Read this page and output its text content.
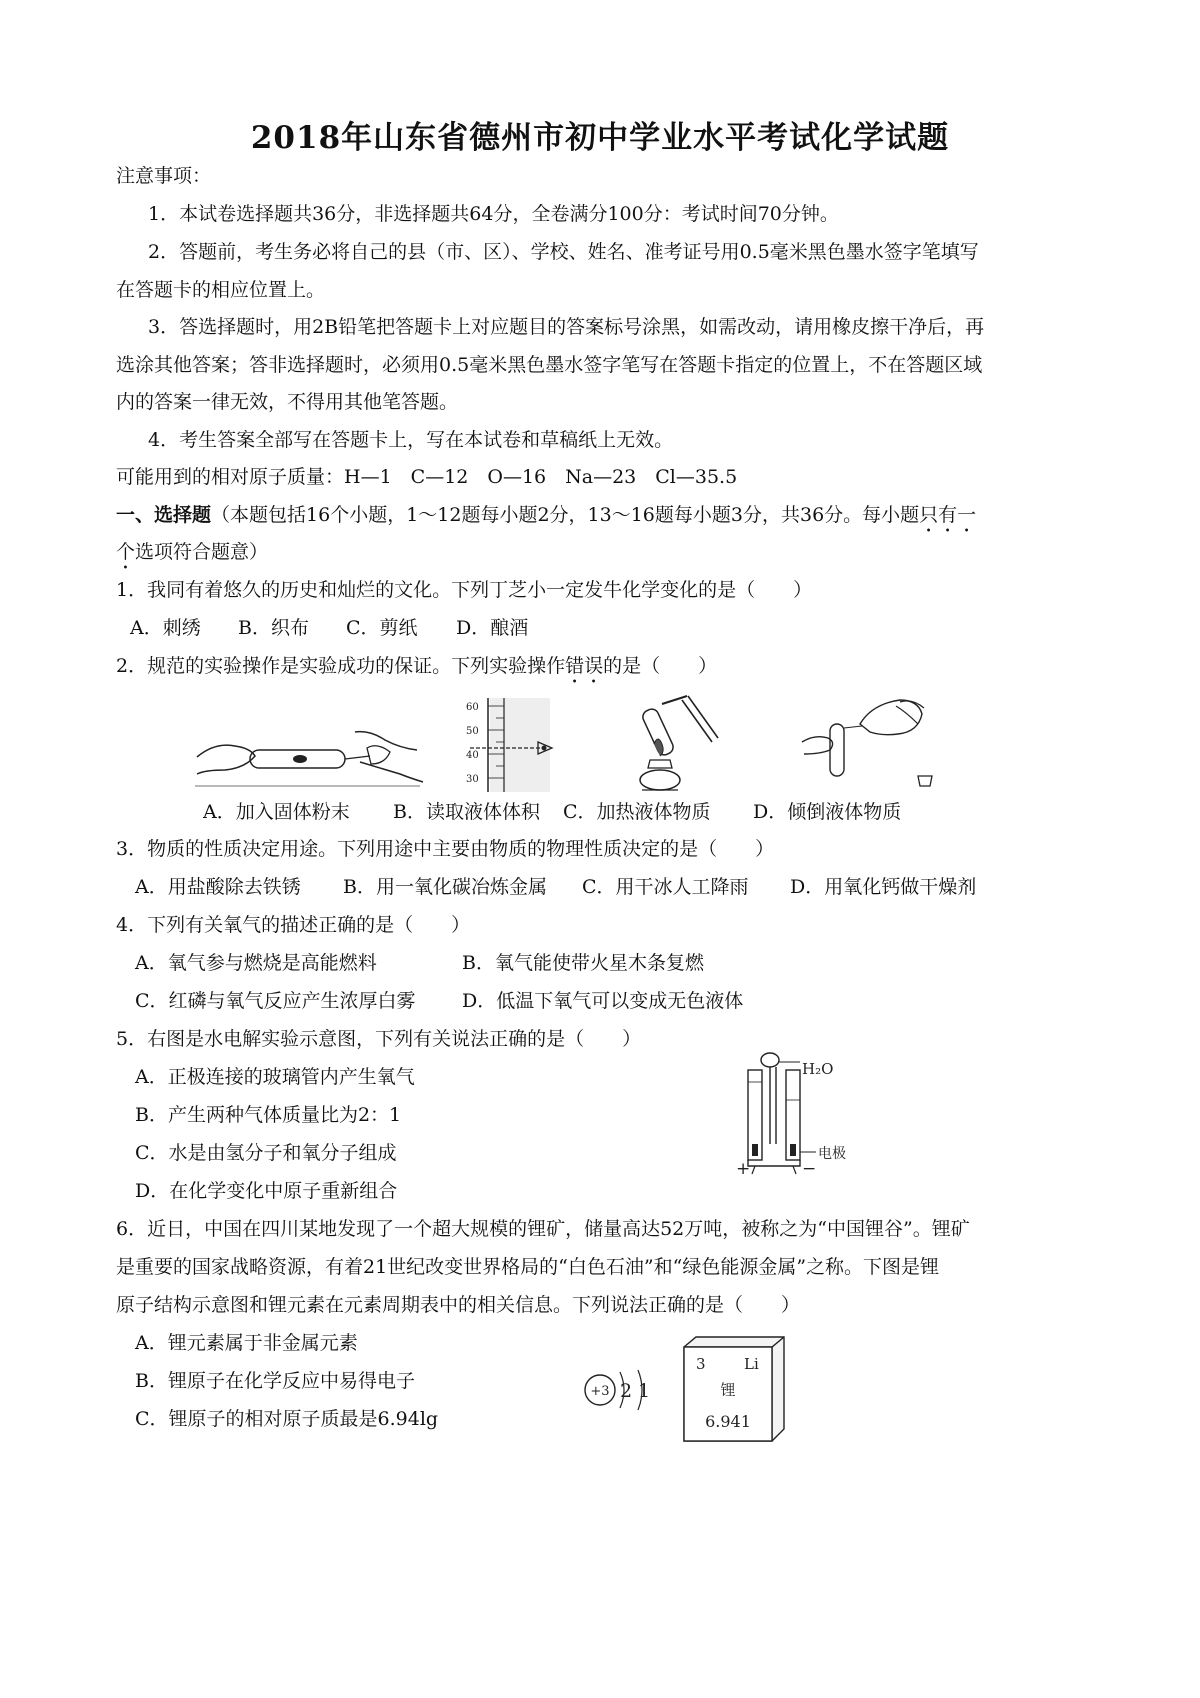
2018年山东省德州市初中学业水平考试化学试题
注意事项：
1．本试卷选择题共36分，非选择题共64分，全卷满分100分：考试时间70分钟。
2．答题前，考生务必将自己的县（市、区）、学校、姓名、准考证号用0.5毫米黑色墨水签字笔填写
在答题卡的相应位置上。
3．答选择题时，用2B铅笔把答题卡上对应题目的答案标号涂黑，如需改动，请用橡皮擦干净后，再
选涂其他答案；答非选择题时，必须用0.5毫米黑色墨水签字笔写在答题卡指定的位置上，不在答题区域
内的答案一律无效，不得用其他笔答题。
4．考生答案全部写在答题卡上，写在本试卷和草稿纸上无效。
可能用到的相对原子质量：H—1　C—12　O—16　Na—23　Cl—35.5
一、选择题（本题包括16个小题，1～12题每小题2分，13～16题每小题3分，共36分。每小题只有一
个选项符合题意）
1．我同有着悠久的历史和灿烂的文化。下列丁芝小一定发牛化学变化的是（　　）
A．刺绣 B．织布 C．剪纸 D．酿酒
2．规范的实验操作是实验成功的保证。下列实验操作错误的是（　　）
60
50
40
30
A．加入固体粉末 B．读取液体体积 C．加热液体物质 D．倾倒液体物质
3．物质的性质决定用途。下列用途中主要由物质的物理性质决定的是（　　）
A．用盐酸除去铁锈 B．用一氧化碳冶炼金属 C．用干冰人工降雨 D．用氧化钙做干燥剂
4．下列有关氧气的描述正确的是（　　）
A．氧气参与燃烧是高能燃料	B．氧气能使带火星木条复燃
C．红磷与氧气反应产生浓厚白雾 D．低温下氧气可以变成无色液体
5．右图是水电解实验示意图，下列有关说法正确的是（　　）
A．正极连接的玻璃管内产生氧气
B．产生两种气体质量比为2：1
C．水是由氢分子和氧分子组成
D．在化学变化中原子重新组合
H₂O
电极
+	−
6．近日，中国在四川某地发现了一个超大规模的锂矿，储量高达52万吨，被称之为“中国锂谷”。锂矿
是重要的国家战略资源，有着21世纪改变世界格局的“白色石油”和“绿色能源金属”之称。下图是锂
原子结构示意图和锂元素在元素周期表中的相关信息。下列说法正确的是（　　）
A．锂元素属于非金属元素
B．锂原子在化学反应中易得电子
C．锂原子的相对原子质最是6.94lg
+3 2 1
3	Li
锂
6.941
